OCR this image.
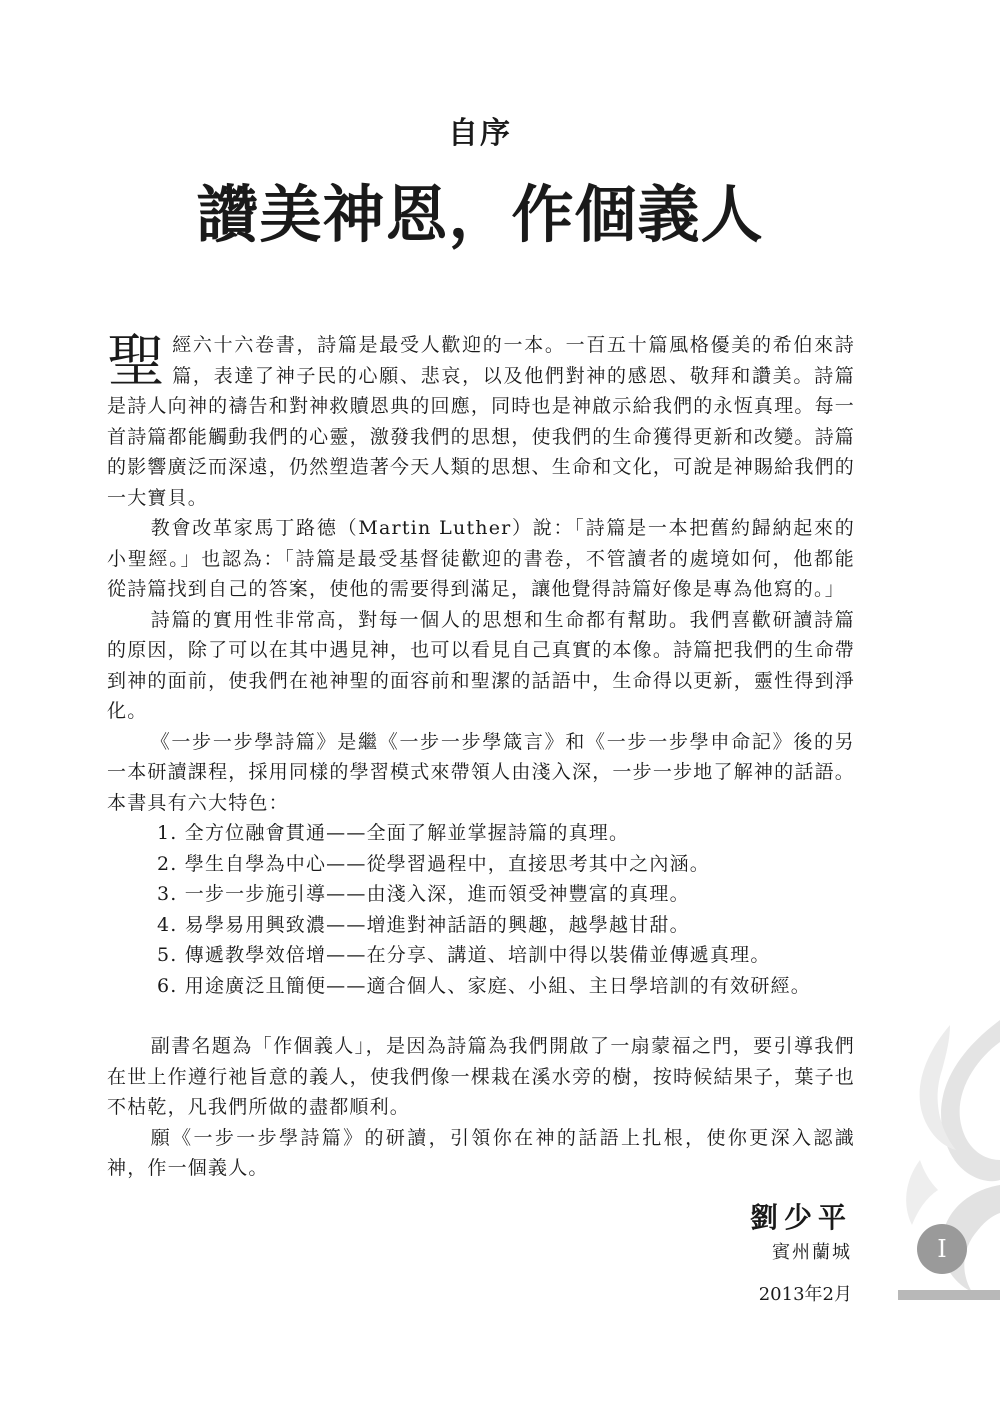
自序
讚美神恩，作個義人

聖經六十六卷書，詩篇是最受人歡迎的一本。一百五十篇風格優美的希伯來詩篇，表達了神子民的心願、悲哀，以及他們對神的感恩、敬拜和讚美。詩篇是詩人向神的禱告和對神救贖恩典的回應，同時也是神啟示給我們的永恆真理。每一首詩篇都能觸動我們的心靈，激發我們的思想，使我們的生命獲得更新和改變。詩篇的影響廣泛而深遠，仍然塑造著今天人類的思想、生命和文化，可說是神賜給我們的一大寶貝。

教會改革家馬丁路德（Martin Luther）說：「詩篇是一本把舊約歸納起來的小聖經。」也認為：「詩篇是最受基督徒歡迎的書卷，不管讀者的處境如何，他都能從詩篇找到自己的答案，使他的需要得到滿足，讓他覺得詩篇好像是專為他寫的。」

詩篇的實用性非常高，對每一個人的思想和生命都有幫助。我們喜歡研讀詩篇的原因，除了可以在其中遇見神，也可以看見自己真實的本像。詩篇把我們的生命帶到神的面前，使我們在祂神聖的面容前和聖潔的話語中，生命得以更新，靈性得到淨化。

《一步一步學詩篇》是繼《一步一步學箴言》和《一步一步學申命記》後的另一本研讀課程，採用同樣的學習模式來帶領人由淺入深，一步一步地了解神的話語。本書具有六大特色：

1. 全方位融會貫通——全面了解並掌握詩篇的真理。
2. 學生自學為中心——從學習過程中，直接思考其中之內涵。
3. 一步一步施引導——由淺入深，進而領受神豐富的真理。
4. 易學易用興致濃——增進對神話語的興趣，越學越甘甜。
5. 傳遞教學效倍增——在分享、講道、培訓中得以裝備並傳遞真理。
6. 用途廣泛且簡便——適合個人、家庭、小組、主日學培訓的有效研經。

副書名題為「作個義人」，是因為詩篇為我們開啟了一扇蒙福之門，要引導我們在世上作遵行祂旨意的義人，使我們像一棵栽在溪水旁的樹，按時候結果子，葉子也不枯乾，凡我們所做的盡都順利。

願《一步一步學詩篇》的研讀，引領你在神的話語上扎根，使你更深入認識神，作一個義人。

劉少平
賓州蘭城
2013年2月
I
